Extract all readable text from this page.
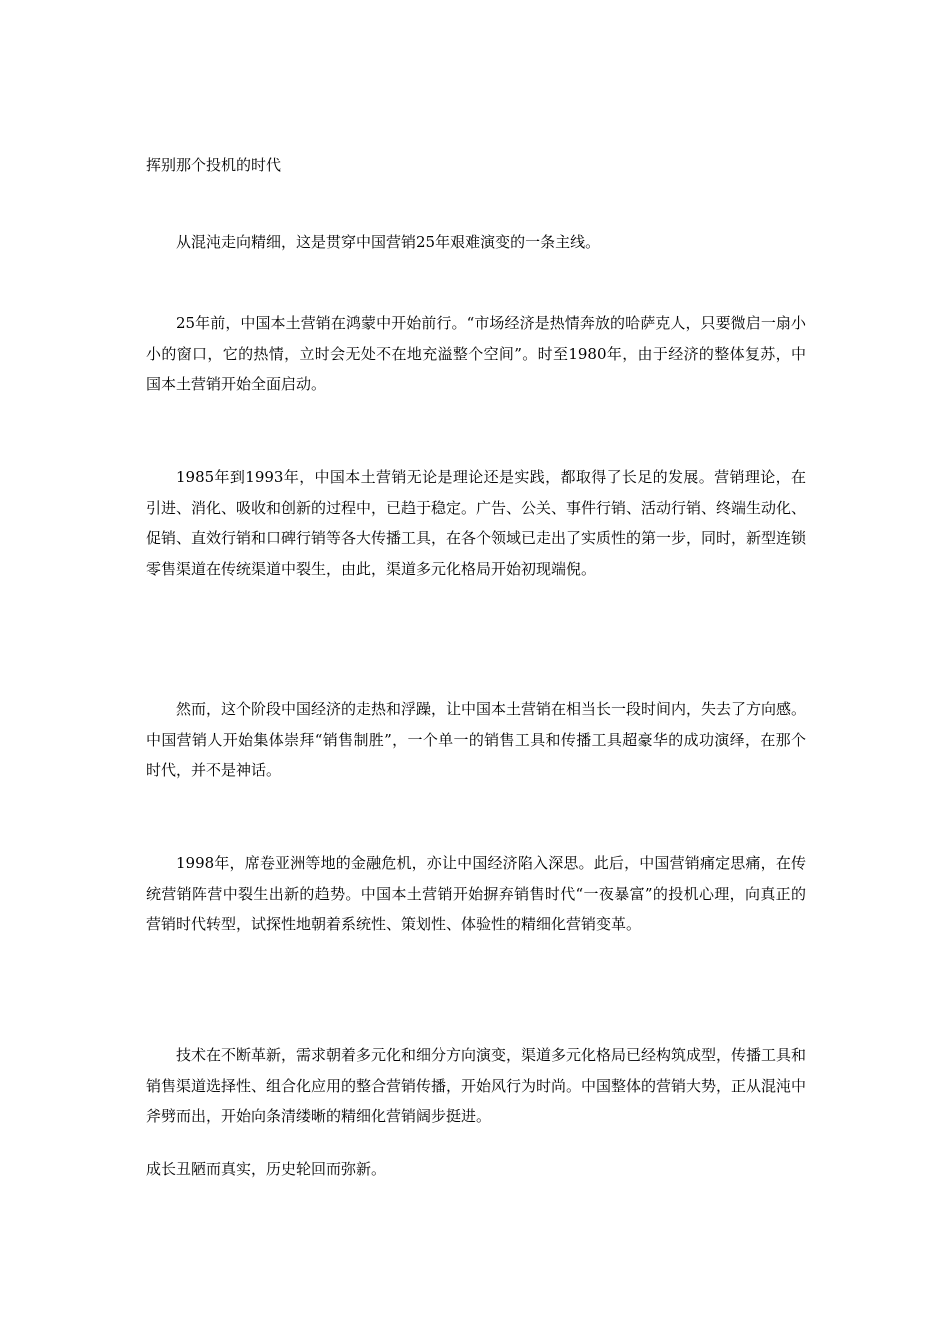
挥别那个投机的时代
从混沌走向精细，这是贯穿中国营销25年艰难演变的一条主线。
25年前，中国本土营销在鸿蒙中开始前行。“市场经济是热情奔放的哈萨克人，只要微启一扇小小的窗口，它的热情，立时会无处不在地充溢整个空间”。时至1980年，由于经济的整体复苏，中国本土营销开始全面启动。
1985年到1993年，中国本土营销无论是理论还是实践，都取得了长足的发展。营销理论，在引进、消化、吸收和创新的过程中，已趋于稳定。广告、公关、事件行销、活动行销、终端生动化、促销、直效行销和口碑行销等各大传播工具，在各个领域已走出了实质性的第一步，同时，新型连锁零售渠道在传统渠道中裂生，由此，渠道多元化格局开始初现端倪。
然而，这个阶段中国经济的走热和浮躁，让中国本土营销在相当长一段时间内，失去了方向感。中国营销人开始集体崇拜“销售制胜”，一个单一的销售工具和传播工具超豪华的成功演绎，在那个时代，并不是神话。
1998年，席卷亚洲等地的金融危机，亦让中国经济陷入深思。此后，中国营销痛定思痛，在传统营销阵营中裂生出新的趋势。中国本土营销开始摒弃销售时代“一夜暴富”的投机心理，向真正的营销时代转型，试探性地朝着系统性、策划性、体验性的精细化营销变革。
技术在不断革新，需求朝着多元化和细分方向演变，渠道多元化格局已经构筑成型，传播工具和销售渠道选择性、组合化应用的整合营销传播，开始风行为时尚。中国整体的营销大势，正从混沌中斧劈而出，开始向条清缕晰的精细化营销阔步挺进。
成长丑陋而真实，历史轮回而弥新。
